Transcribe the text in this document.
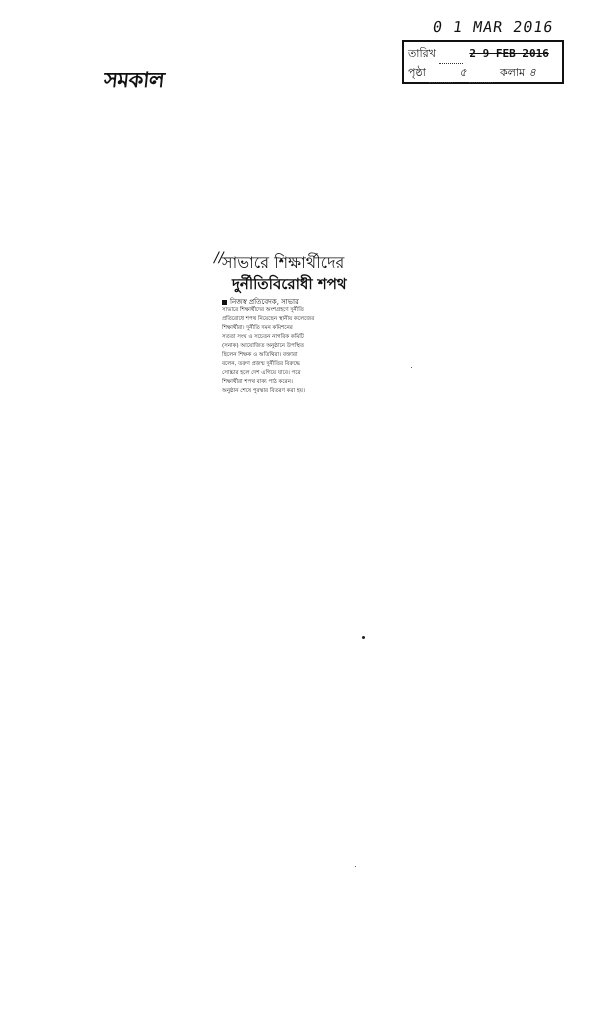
0 1 MAR 2016
তারিখ	2 9 FEB 2016
পৃষ্ঠা	৫	কলাম ৪
সমকাল
//
সাভারে শিক্ষার্থীদের
দুর্নীতিবিরোধী শপথ
নিজস্ব প্রতিবেদক, সাভার
সাভারে শিক্ষার্থীদের অংশগ্রহণে দুর্নীতি
প্রতিরোধে শপথ নিয়েছেন স্থানীয় কলেজের
শিক্ষার্থীরা। দুর্নীতি দমন কমিশনের
সততা সংঘ ও সচেতন নাগরিক কমিটি
(সনাক) আয়োজিত অনুষ্ঠানে উপস্থিত
ছিলেন শিক্ষক ও অতিথিরা। বক্তারা
বলেন, তরুণ প্রজন্ম দুর্নীতির বিরুদ্ধে
সোচ্চার হলে দেশ এগিয়ে যাবে। পরে
শিক্ষার্থীরা শপথ বাক্য পাঠ করেন।
অনুষ্ঠান শেষে পুরস্কার বিতরণ করা হয়।
